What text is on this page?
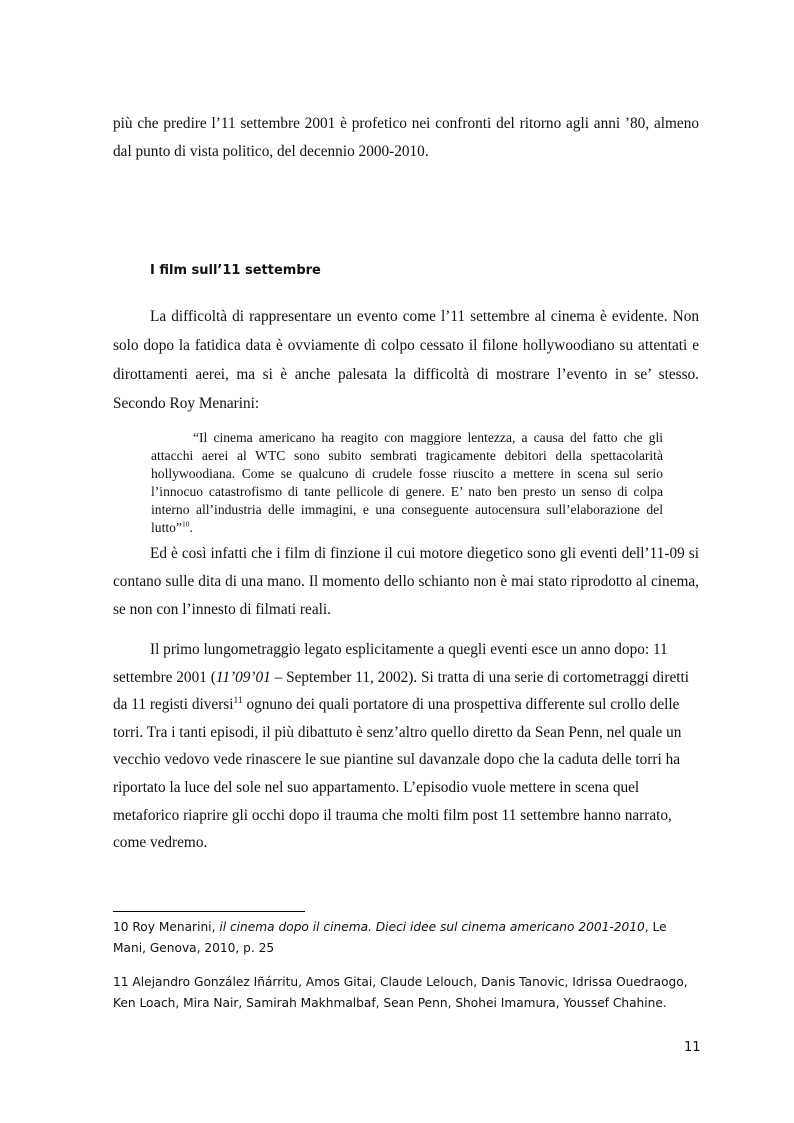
più che predire l’11 settembre 2001 è profetico nei confronti del ritorno agli anni ’80, almeno dal punto di vista politico, del decennio 2000-2010.
I film sull’11 settembre
La difficoltà di rappresentare un evento come l’11 settembre al cinema è evidente. Non solo dopo la fatidica data è ovviamente di colpo cessato il filone hollywoodiano su attentati e dirottamenti aerei, ma si è anche palesata la difficoltà di mostrare l’evento in se’ stesso. Secondo Roy Menarini:
“Il cinema americano ha reagito con maggiore lentezza, a causa del fatto che gli attacchi aerei al WTC sono subito sembrati tragicamente debitori della spettacolarità hollywoodiana. Come se qualcuno di crudele fosse riuscito a mettere in scena sul serio l’innocuo catastrofismo di tante pellicole di genere. E’ nato ben presto un senso di colpa interno all’industria delle immagini, e una conseguente autocensura sull’elaborazione del lutto”$^{10}$.
Ed è così infatti che i film di finzione il cui motore diegetico sono gli eventi dell’11-09 si contano sulle dita di una mano. Il momento dello schianto non è mai stato riprodotto al cinema, se non con l’innesto di filmati reali.
Il primo lungometraggio legato esplicitamente a quegli eventi esce un anno dopo: 11 settembre 2001 (11’09’01 – September 11, 2002). Si tratta di una serie di cortometraggi diretti da 11 registi diversi$^{11}$ ognuno dei quali portatore di una prospettiva differente sul crollo delle torri. Tra i tanti episodi, il più dibattuto è senz’altro quello diretto da Sean Penn, nel quale un vecchio vedovo vede rinascere le sue piantine sul davanzale dopo che la caduta delle torri ha riportato la luce del sole nel suo appartamento. L’episodio vuole mettere in scena quel metaforico riaprire gli occhi dopo il trauma che molti film post 11 settembre hanno narrato, come vedremo.
10 Roy Menarini, il cinema dopo il cinema. Dieci idee sul cinema americano 2001-2010, Le Mani, Genova, 2010, p. 25
11 Alejandro González Iñárritu, Amos Gitai, Claude Lelouch, Danis Tanovic, Idrissa Ouedraogo, Ken Loach, Mira Nair, Samirah Makhmalbaf, Sean Penn, Shohei Imamura, Youssef Chahine.
11
